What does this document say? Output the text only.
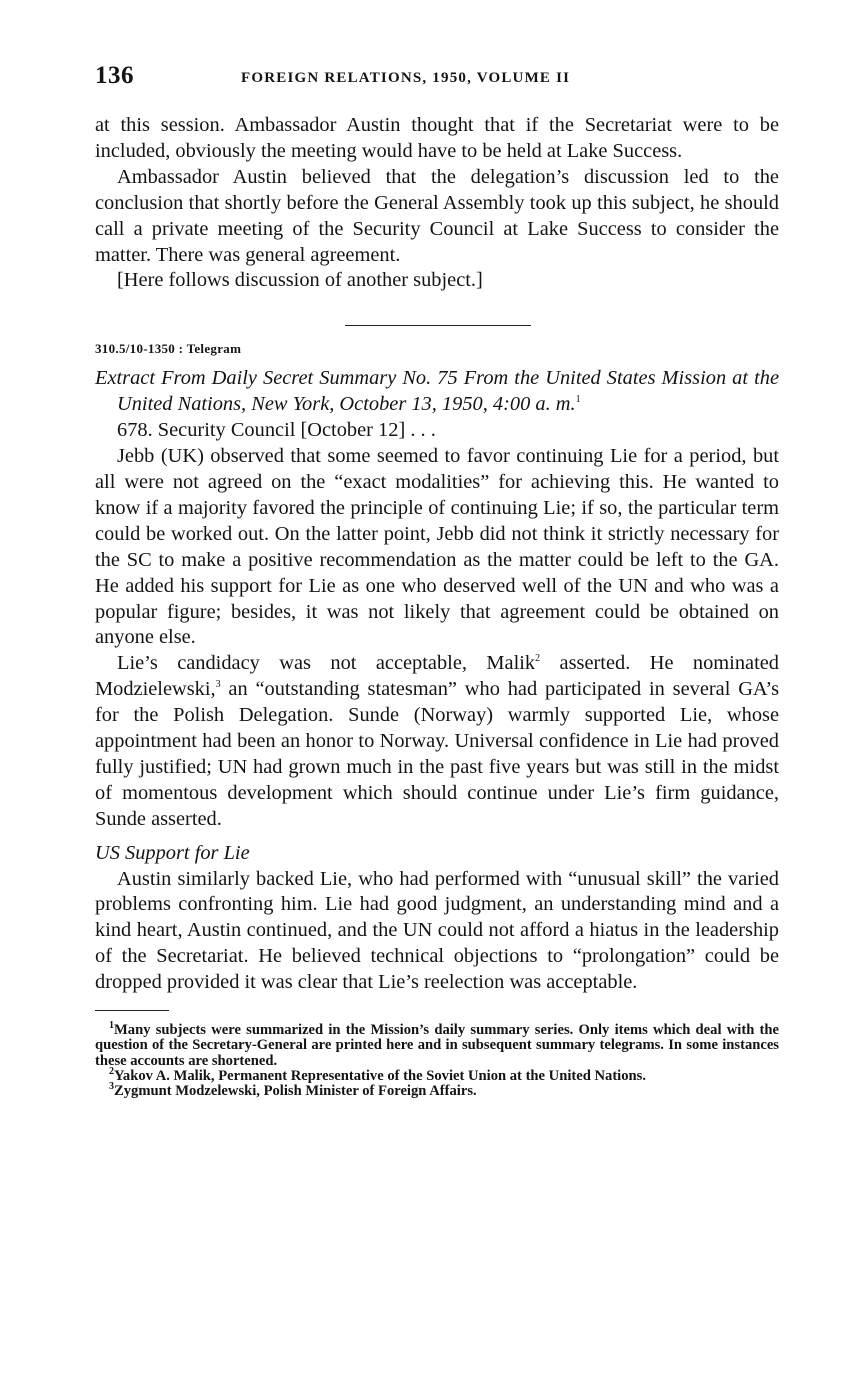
136	FOREIGN RELATIONS, 1950, VOLUME II

at this session. Ambassador Austin thought that if the Secretariat were to be included, obviously the meeting would have to be held at Lake Success.

Ambassador Austin believed that the delegation’s discussion led to the conclusion that shortly before the General Assembly took up this subject, he should call a private meeting of the Security Council at Lake Success to consider the matter. There was general agreement.

[Here follows discussion of another subject.]

310.5/10-1350 : Telegram
Extract From Daily Secret Summary No. 75 From the United States Mission at the United Nations, New York, October 13, 1950, 4:00 a. m.$^1$

678. Security Council [October 12] . . .

Jebb (UK) observed that some seemed to favor continuing Lie for a period, but all were not agreed on the “exact modalities” for achieving this. He wanted to know if a majority favored the principle of continuing Lie; if so, the particular term could be worked out. On the latter point, Jebb did not think it strictly necessary for the SC to make a positive recommendation as the matter could be left to the GA. He added his support for Lie as one who deserved well of the UN and who was a popular figure; besides, it was not likely that agreement could be obtained on anyone else.

Lie’s candidacy was not acceptable, Malik$^2$ asserted. He nominated Modzielewski,$^3$ an “outstanding statesman” who had participated in several GA’s for the Polish Delegation. Sunde (Norway) warmly supported Lie, whose appointment had been an honor to Norway. Universal confidence in Lie had proved fully justified; UN had grown much in the past five years but was still in the midst of momentous development which should continue under Lie’s firm guidance, Sunde asserted.

US Support for Lie

Austin similarly backed Lie, who had performed with “unusual skill” the varied problems confronting him. Lie had good judgment, an understanding mind and a kind heart, Austin continued, and the UN could not afford a hiatus in the leadership of the Secretariat. He believed technical objections to “prolongation” could be dropped provided it was clear that Lie’s reelection was acceptable.

$^1$Many subjects were summarized in the Mission’s daily summary series. Only items which deal with the question of the Secretary-General are printed here and in subsequent summary telegrams. In some instances these accounts are shortened.

$^2$Yakov A. Malik, Permanent Representative of the Soviet Union at the United Nations.

$^3$Zygmunt Modzelewski, Polish Minister of Foreign Affairs.
